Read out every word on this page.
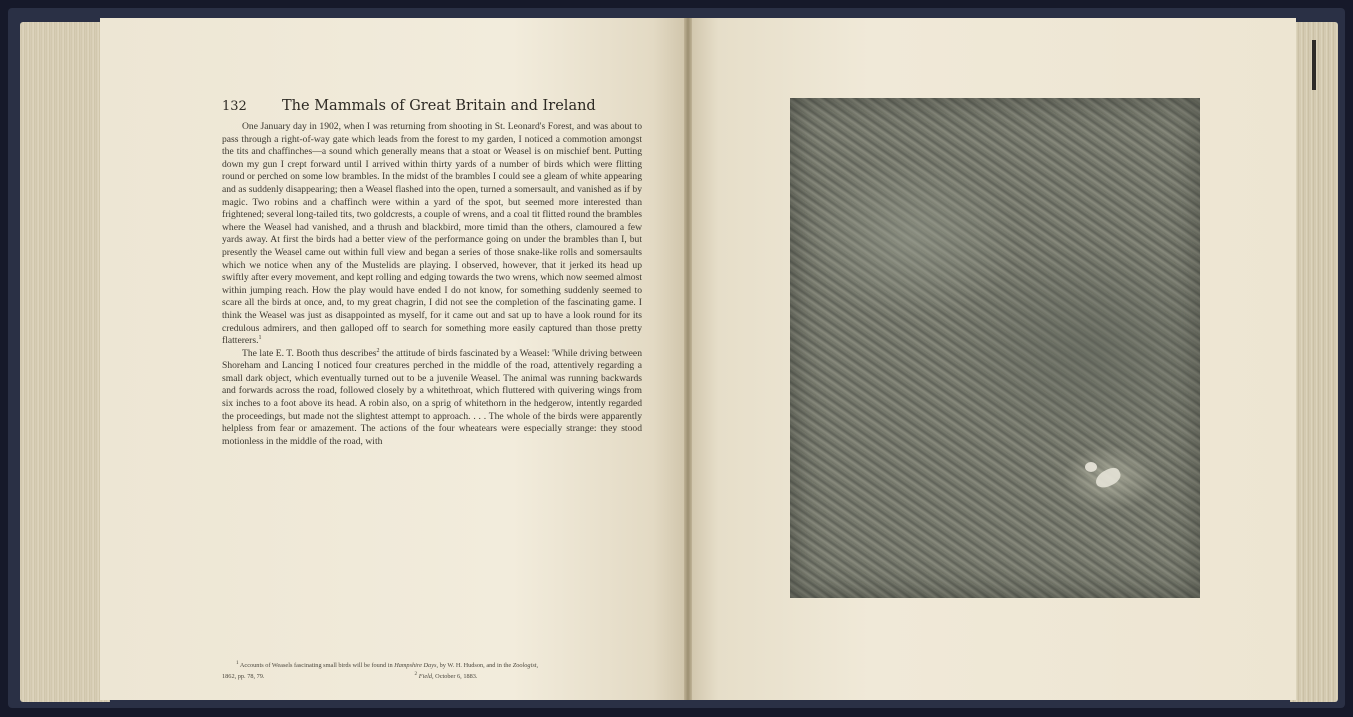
132	The Mammals of Great Britain and Ireland

One January day in 1902, when I was returning from shooting in St. Leonard's Forest, and was about to pass through a right-of-way gate which leads from the forest to my garden, I noticed a commotion amongst the tits and chaffinches—a sound which generally means that a stoat or Weasel is on mischief bent. Putting down my gun I crept forward until I arrived within thirty yards of a number of birds which were flitting round or perched on some low brambles. In the midst of the brambles I could see a gleam of white appearing and as suddenly disappearing; then a Weasel flashed into the open, turned a somersault, and vanished as if by magic. Two robins and a chaffinch were within a yard of the spot, but seemed more interested than frightened; several long-tailed tits, two goldcrests, a couple of wrens, and a coal tit flitted round the brambles where the Weasel had vanished, and a thrush and blackbird, more timid than the others, clamoured a few yards away. At first the birds had a better view of the performance going on under the brambles than I, but presently the Weasel came out within full view and began a series of those snake-like rolls and somersaults which we notice when any of the Mustelids are playing. I observed, however, that it jerked its head up swiftly after every movement, and kept rolling and edging towards the two wrens, which now seemed almost within jumping reach. How the play would have ended I do not know, for something suddenly seemed to scare all the birds at once, and, to my great chagrin, I did not see the completion of the fascinating game. I think the Weasel was just as disappointed as myself, for it came out and sat up to have a look round for its credulous admirers, and then galloped off to search for something more easily captured than those pretty flatterers.$^1$

The late E. T. Booth thus describes$^2$ the attitude of birds fascinated by a Weasel: 'While driving between Shoreham and Lancing I noticed four creatures perched in the middle of the road, attentively regarding a small dark object, which eventually turned out to be a juvenile Weasel. The animal was running backwards and forwards across the road, followed closely by a whitethroat, which fluttered with quivering wings from six inches to a foot above its head. A robin also, on a sprig of whitethorn in the hedgerow, intently regarded the proceedings, but made not the slightest attempt to approach. . . . The whole of the birds were apparently helpless from fear or amazement. The actions of the four wheatears were especially strange: they stood motionless in the middle of the road, with

$^1$ Accounts of Weasels fascinating small birds will be found in Hampshire Days, by W. H. Hudson, and in the Zoologist,

1862, pp. 78, 79.	$^2$ Field, October 6, 1883.
